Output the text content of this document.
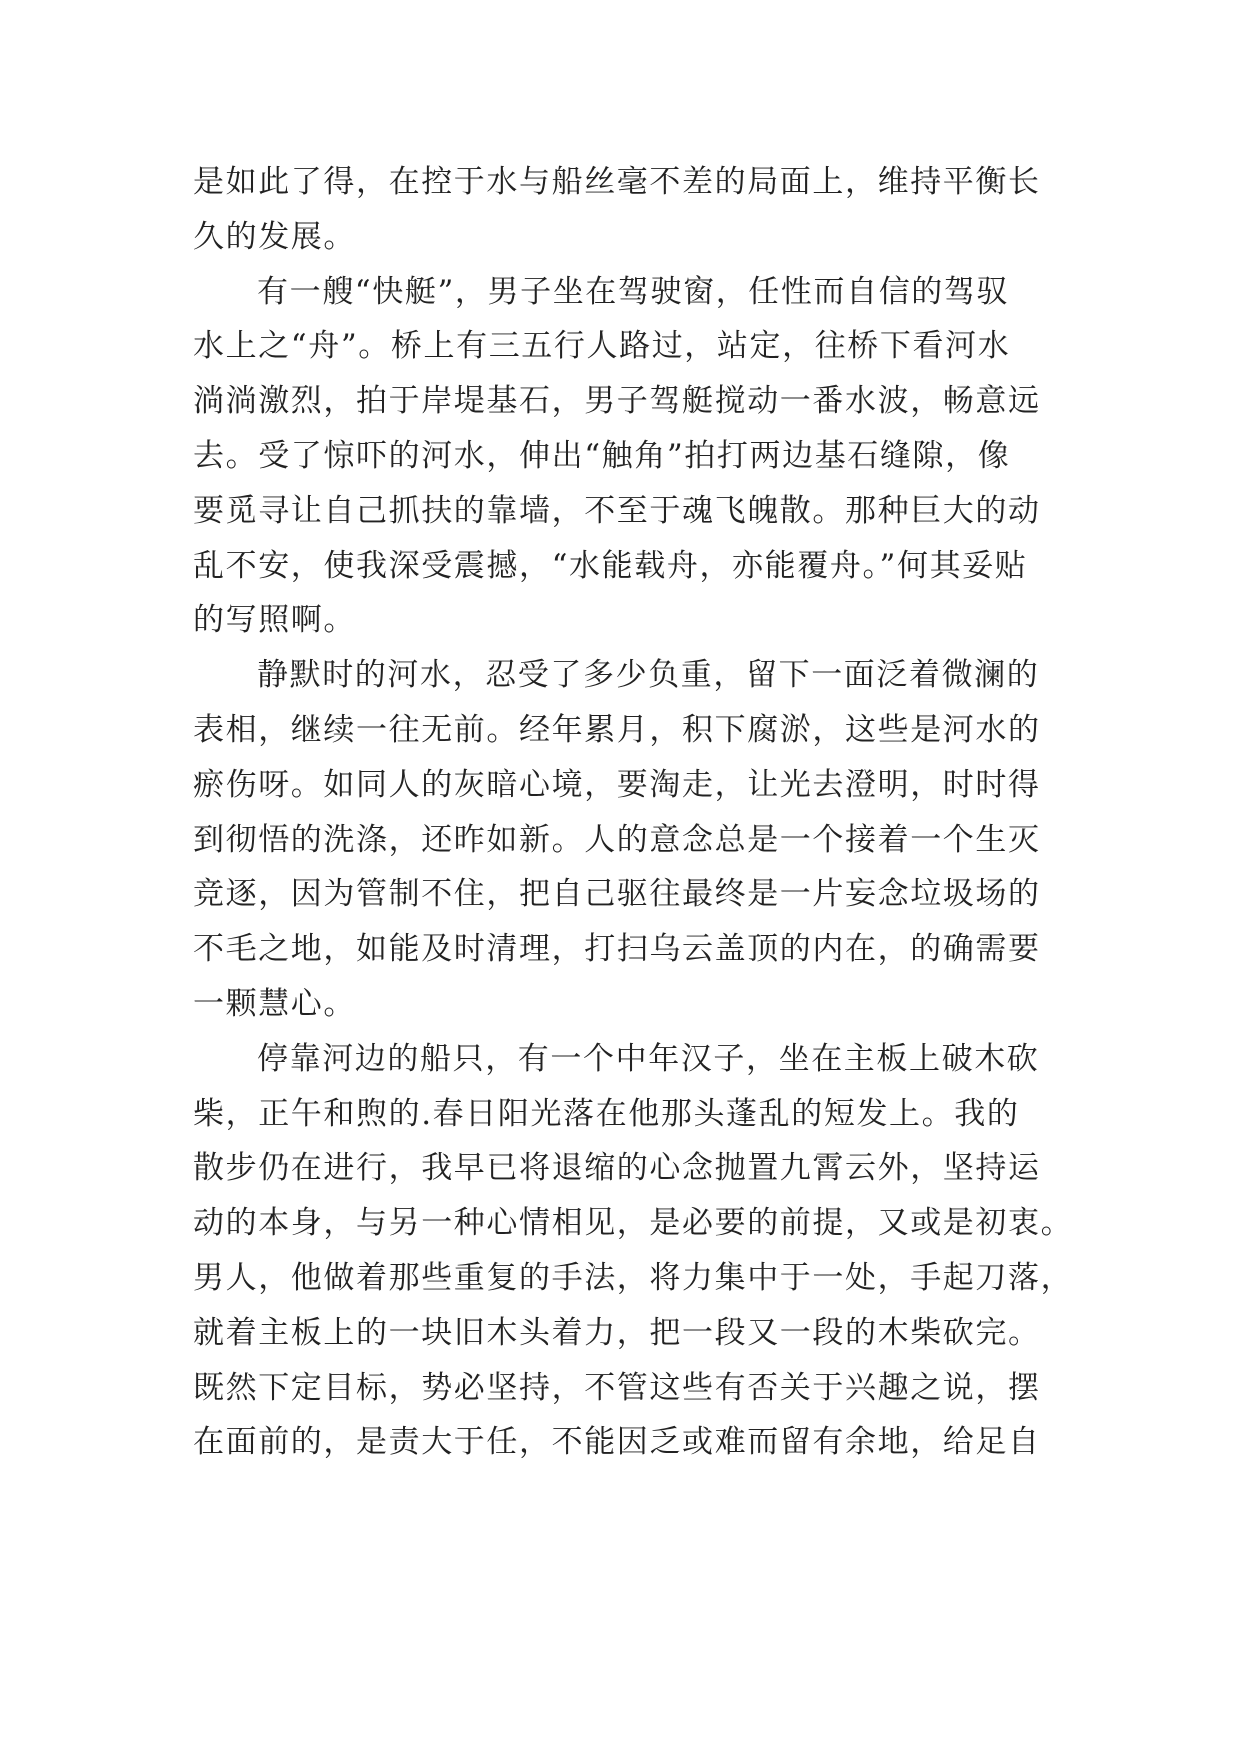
是如此了得，在控于水与船丝毫不差的局面上，维持平衡长
久的发展。
有一艘“快艇”，男子坐在驾驶窗，任性而自信的驾驭
水上之“舟”。桥上有三五行人路过，站定，往桥下看河水
淌淌激烈，拍于岸堤基石，男子驾艇搅动一番水波，畅意远
去。受了惊吓的河水，伸出“触角”拍打两边基石缝隙，像
要觅寻让自己抓扶的靠墙，不至于魂飞魄散。那种巨大的动
乱不安，使我深受震撼，“水能载舟，亦能覆舟。”何其妥贴
的写照啊。
静默时的河水，忍受了多少负重，留下一面泛着微澜的
表相，继续一往无前。经年累月，积下腐淤，这些是河水的
瘀伤呀。如同人的灰暗心境，要淘走，让光去澄明，时时得
到彻悟的洗涤，还昨如新。人的意念总是一个接着一个生灭
竞逐，因为管制不住，把自己驱往最终是一片妄念垃圾场的
不毛之地，如能及时清理，打扫乌云盖顶的内在，的确需要
一颗慧心。
停靠河边的船只，有一个中年汉子，坐在主板上破木砍
柴，正午和煦的.春日阳光落在他那头蓬乱的短发上。我的
散步仍在进行，我早已将退缩的心念抛置九霄云外，坚持运
动的本身，与另一种心情相见，是必要的前提，又或是初衷。
男人，他做着那些重复的手法，将力集中于一处，手起刀落，
就着主板上的一块旧木头着力，把一段又一段的木柴砍完。
既然下定目标，势必坚持，不管这些有否关于兴趣之说，摆
在面前的，是责大于任，不能因乏或难而留有余地，给足自
